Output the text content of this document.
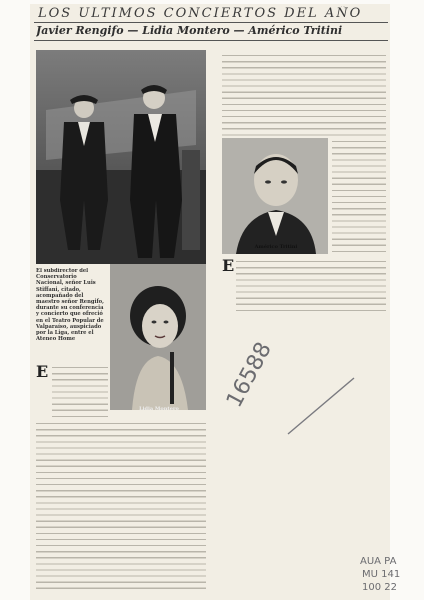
LOS ULTIMOS CONCIERTOS DEL AÑO
Javier Rengifo — Lidia Montero — Américo Tritini
El subdirector del Conservatorio Nacional, señor Luis Stiffani, citado, acompañado del maestro señor Rengifo, durante su conferencia y concierto que ofreció en el Teatro Popular de Valparaíso, auspiciado por la Liga, entre el Ateneo Home
Lidia Montero
E
Américo Tritini
E
16588
AUA PA
MU 141
100 22
